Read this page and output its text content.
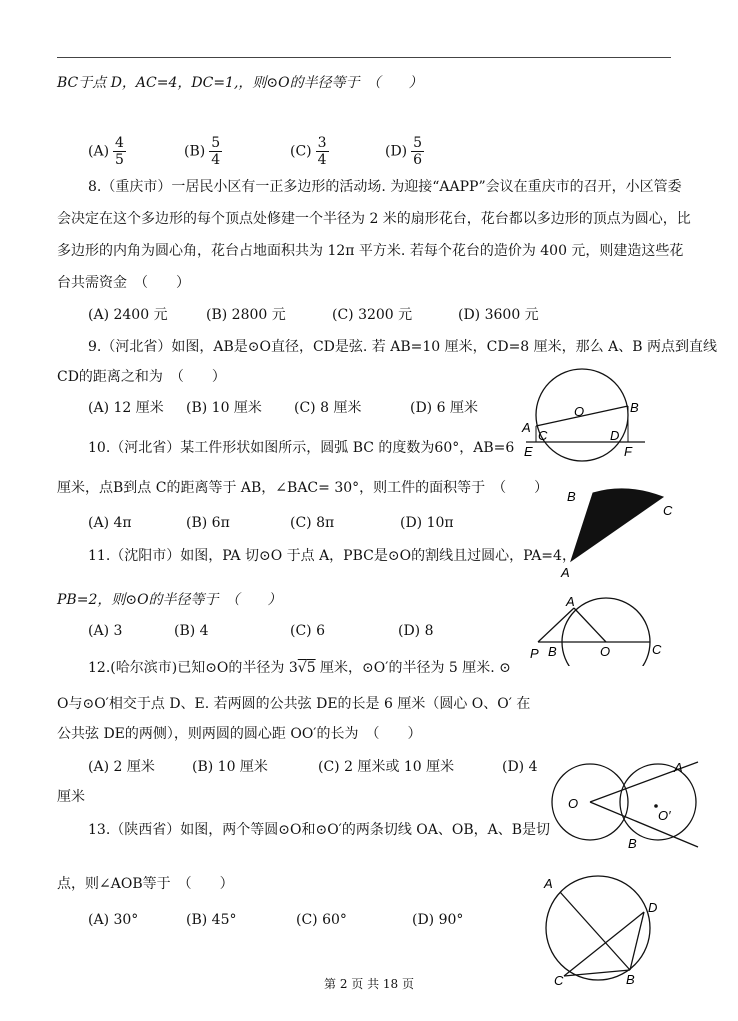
BC于点 D，AC=4，DC=1,，则⊙O的半径等于　（　　）
$(A) \frac{4}{5}$	$(B) \frac{5}{4}$	$(C) \frac{3}{4}$	$(D) \frac{5}{6}$
8.（重庆市）一居民小区有一正多边形的活动场. 为迎接“AAPP”会议在重庆市的召开，小区管委
会决定在这个多边形的每个顶点处修建一个半径为 2 米的扇形花台，花台都以多边形的顶点为圆心，比
多边形的内角为圆心角，花台占地面积共为 12π 平方米. 若每个花台的造价为 400 元，则建造这些花
台共需资金　（　　）
(A) 2400 元	(B) 2800 元	(C) 3200 元	(D) 3600 元
9.（河北省）如图，AB是⊙O直径，CD是弦. 若 AB=10 厘米，CD=8 厘米，那么 A、B 两点到直线
CD的距离之和为　（　　）
(A) 12 厘米 (B) 10 厘米 (C) 8 厘米	(D) 6 厘米
A
B
C	D
E	F
O
10.（河北省）某工件形状如图所示，圆弧 BC 的度数为60°，AB=6
厘米，点B到点 C的距离等于 AB，∠BAC= 30°，则工件的面积等于　（　　）
(A) 4π	(B) 6π	(C) 8π	(D) 10π
B
C
A
11.（沈阳市）如图，PA 切⊙O 于点 A，PBC是⊙O的割线且过圆心，PA=4，
PB=2，则⊙O的半径等于　（　　）
(A) 3	(B) 4	(C) 6	(D) 8
A
P B	O	C
12.(哈尔滨市)已知⊙O的半径为 3√5 厘米，⊙O′的半径为 5 厘米. ⊙
O与⊙O′相交于点 D、E. 若两圆的公共弦 DE的长是 6 厘米（圆心 O、O′ 在
公共弦 DE的两侧），则两圆的圆心距 OO′的长为　（　　）
(A) 2 厘米	(B) 10 厘米	(C) 2 厘米或 10 厘米	(D) 4
厘米
13.（陕西省）如图，两个等圆⊙O和⊙O′的两条切线 OA、OB，A、B是切
点，则∠AOB等于　（　　）
(A) 30°	(B) 45°	(C) 60°	(D) 90°
O
O′
A
B
A
D
B
C
第 2 页 共 18 页
